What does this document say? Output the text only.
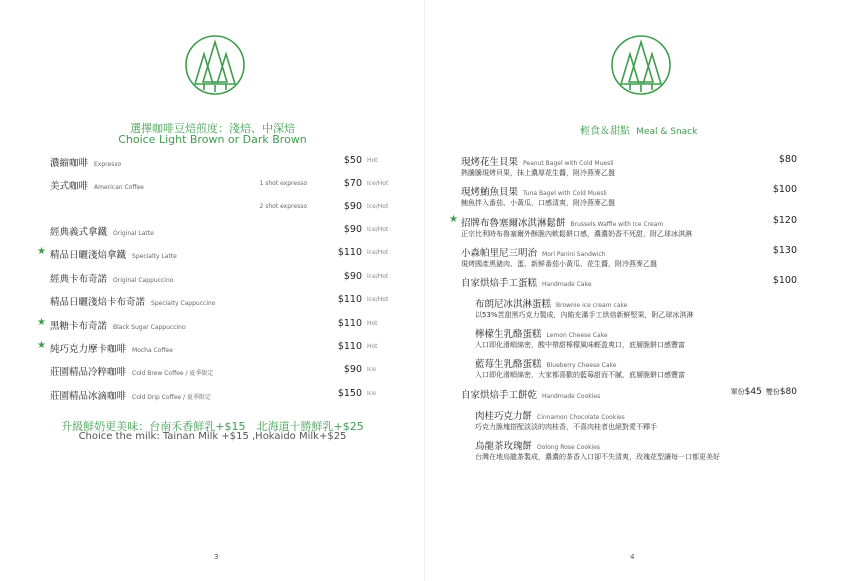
選擇咖啡豆焙煎度：淺焙、中深焙
Choice Light Brown or Dark Brown
濃縮咖啡 Expresso	$50 Hot
美式咖啡 American Coffee
1 shot expresso	$70 Ice/Hot
2 shot expresso	$90 Ice/Hot
經典義式拿鐵 Original Latte	$90 Ice/Hot
★ 精品日曬淺焙拿鐵 Specialty Latte	$110 Ice/Hot
經典卡布奇諾 Original Cappuccino	$90 Ice/Hot
精品日曬淺焙卡布奇諾 Specialty Cappuccino	$110 Ice/Hot
★ 黑糖卡布奇諾 Black Sugar Cappuccino	$110 Hot
★ 純巧克力摩卡咖啡 Mocha Coffee	$110 Hot
莊園精品冷粹咖啡 Cold Brew Coffee / 夏季限定	$90 Ice
莊園精品冰滴咖啡 Cold Drip Coffee / 夏季限定	$150 Ice
升級鮮奶更美味：台南禾香鮮乳+$15　北海道十勝鮮乳+$25
Choice the milk: Tainan Milk +$15 ,Hokaido Milk+$25
3
輕食＆甜點 Meal & Snack
現烤花生貝果 Peanut Bagel with Cold Muesli
熱騰騰現烤貝果，抹上濃厚花生醬，附冷燕麥乙盤
$80
現烤鮪魚貝果 Tuna Bagel with Cold Muesli
鮪魚拌入番茄、小黃瓜，口感清爽，附冷燕麥乙盤
$100
★ 招牌布魯塞爾冰淇淋鬆餅 Brussels Waffle with Ice Cream
正宗比利時布魯塞爾外酥脆內軟鬆餅口感，濃濃奶香不死甜，附乙球冰淇淋
$120
小森帕里尼三明治 Mori Panini Sandwich
現烤國產黑豬肉、蛋、新鮮番茄小黃瓜、花生醬，附冷燕麥乙盤
$130
自家烘焙手工蛋糕 Handmade Cake	$100
布朗尼冰淇淋蛋糕 Brownie ice cream cake
以53%苦甜黑巧克力製成，內餡充滿手工烘焙新鮮堅果，附乙球冰淇淋
檸檬生乳酪蛋糕 Lemon Cheese Cake
入口即化滑順綿密，酸中帶甜檸檬風味輕盈爽口，底層脆餅口感豐富
藍莓生乳酪蛋糕 Blueberry Cheese Cake
入口即化滑順綿密，大家都喜歡的藍莓甜而不膩，底層脆餅口感豐富
自家烘焙手工餅乾 Handmade Cookies
單份$45 雙份$80
肉桂巧克力餅 Cinnamon Chocolate Cookies
巧克力脆塊搭配淡淡的肉桂香，不喜肉桂者也絕對愛不釋手
烏龍茶玫瑰餅 Oolong Rose Cookies
台灣在地烏龍茶製成，濃濃的茶香入口卻不失清爽，玫瑰花型讓每一口都更美好
4
